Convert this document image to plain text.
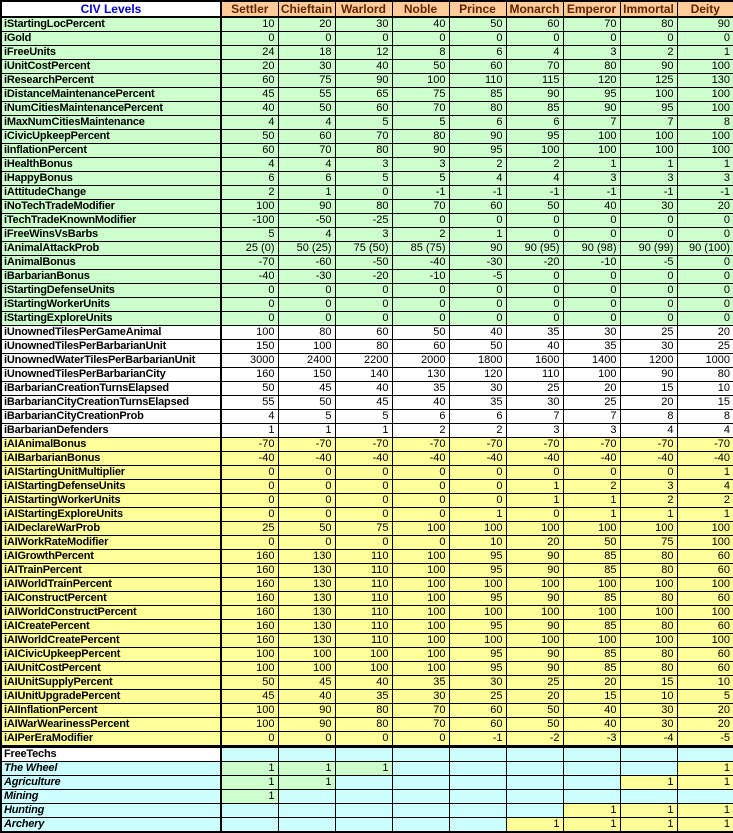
CIV Levels	Settler	Chieftain	Warlord	Noble	Prince	Monarch	Emperor	Immortal	Deity
iStartingLocPercent	10	20	30	40	50	60	70	80	90
iGold	0	0	0	0	0	0	0	0	0
iFreeUnits	24	18	12	8	6	4	3	2	1
iUnitCostPercent	20	30	40	50	60	70	80	90	100
iResearchPercent	60	75	90	100	110	115	120	125	130
iDistanceMaintenancePercent	45	55	65	75	85	90	95	100	100
iNumCitiesMaintenancePercent	40	50	60	70	80	85	90	95	100
iMaxNumCitiesMaintenance	4	4	5	5	6	6	7	7	8
iCivicUpkeepPercent	50	60	70	80	90	95	100	100	100
iInflationPercent	60	70	80	90	95	100	100	100	100
iHealthBonus	4	4	3	3	2	2	1	1	1
iHappyBonus	6	6	5	5	4	4	3	3	3
iAttitudeChange	2	1	0	-1	-1	-1	-1	-1	-1
iNoTechTradeModifier	100	90	80	70	60	50	40	30	20
iTechTradeKnownModifier	-100	-50	-25	0	0	0	0	0	0
iFreeWinsVsBarbs	5	4	3	2	1	0	0	0	0
iAnimalAttackProb	25 (0)	50 (25)	75 (50)	85 (75)	90	90 (95)	90 (98)	90 (99)	90 (100)
iAnimalBonus	-70	-60	-50	-40	-30	-20	-10	-5	0
iBarbarianBonus	-40	-30	-20	-10	-5	0	0	0	0
iStartingDefenseUnits	0	0	0	0	0	0	0	0	0
iStartingWorkerUnits	0	0	0	0	0	0	0	0	0
iStartingExploreUnits	0	0	0	0	0	0	0	0	0
iUnownedTilesPerGameAnimal	100	80	60	50	40	35	30	25	20
iUnownedTilesPerBarbarianUnit	150	100	80	60	50	40	35	30	25
iUnownedWaterTilesPerBarbarianUnit	3000	2400	2200	2000	1800	1600	1400	1200	1000
iUnownedTilesPerBarbarianCity	160	150	140	130	120	110	100	90	80
iBarbarianCreationTurnsElapsed	50	45	40	35	30	25	20	15	10
iBarbarianCityCreationTurnsElapsed	55	50	45	40	35	30	25	20	15
iBarbarianCityCreationProb	4	5	5	6	6	7	7	8	8
iBarbarianDefenders	1	1	1	2	2	3	3	4	4
iAIAnimalBonus	-70	-70	-70	-70	-70	-70	-70	-70	-70
iAIBarbarianBonus	-40	-40	-40	-40	-40	-40	-40	-40	-40
iAIStartingUnitMultiplier	0	0	0	0	0	0	0	0	1
iAIStartingDefenseUnits	0	0	0	0	0	1	2	3	4
iAIStartingWorkerUnits	0	0	0	0	0	1	1	2	2
iAIStartingExploreUnits	0	0	0	0	1	0	1	1	1
iAIDeclareWarProb	25	50	75	100	100	100	100	100	100
iAIWorkRateModifier	0	0	0	0	10	20	50	75	100
iAIGrowthPercent	160	130	110	100	95	90	85	80	60
iAITrainPercent	160	130	110	100	95	90	85	80	60
iAIWorldTrainPercent	160	130	110	100	100	100	100	100	100
iAIConstructPercent	160	130	110	100	95	90	85	80	60
iAIWorldConstructPercent	160	130	110	100	100	100	100	100	100
iAICreatePercent	160	130	110	100	95	90	85	80	60
iAIWorldCreatePercent	160	130	110	100	100	100	100	100	100
iAICivicUpkeepPercent	100	100	100	100	95	90	85	80	60
iAIUnitCostPercent	100	100	100	100	95	90	85	80	60
iAIUnitSupplyPercent	50	45	40	35	30	25	20	15	10
iAIUnitUpgradePercent	45	40	35	30	25	20	15	10	5
iAIInflationPercent	100	90	80	70	60	50	40	30	20
iAIWarWearinessPercent	100	90	80	70	60	50	40	30	20
iAIPerEraModifier	0	0	0	0	-1	-2	-3	-4	-5
FreeTechs									
The Wheel	1	1	1						1
Agriculture	1	1						1	1
Mining	1								
Hunting							1	1	1
Archery						1	1	1	1
